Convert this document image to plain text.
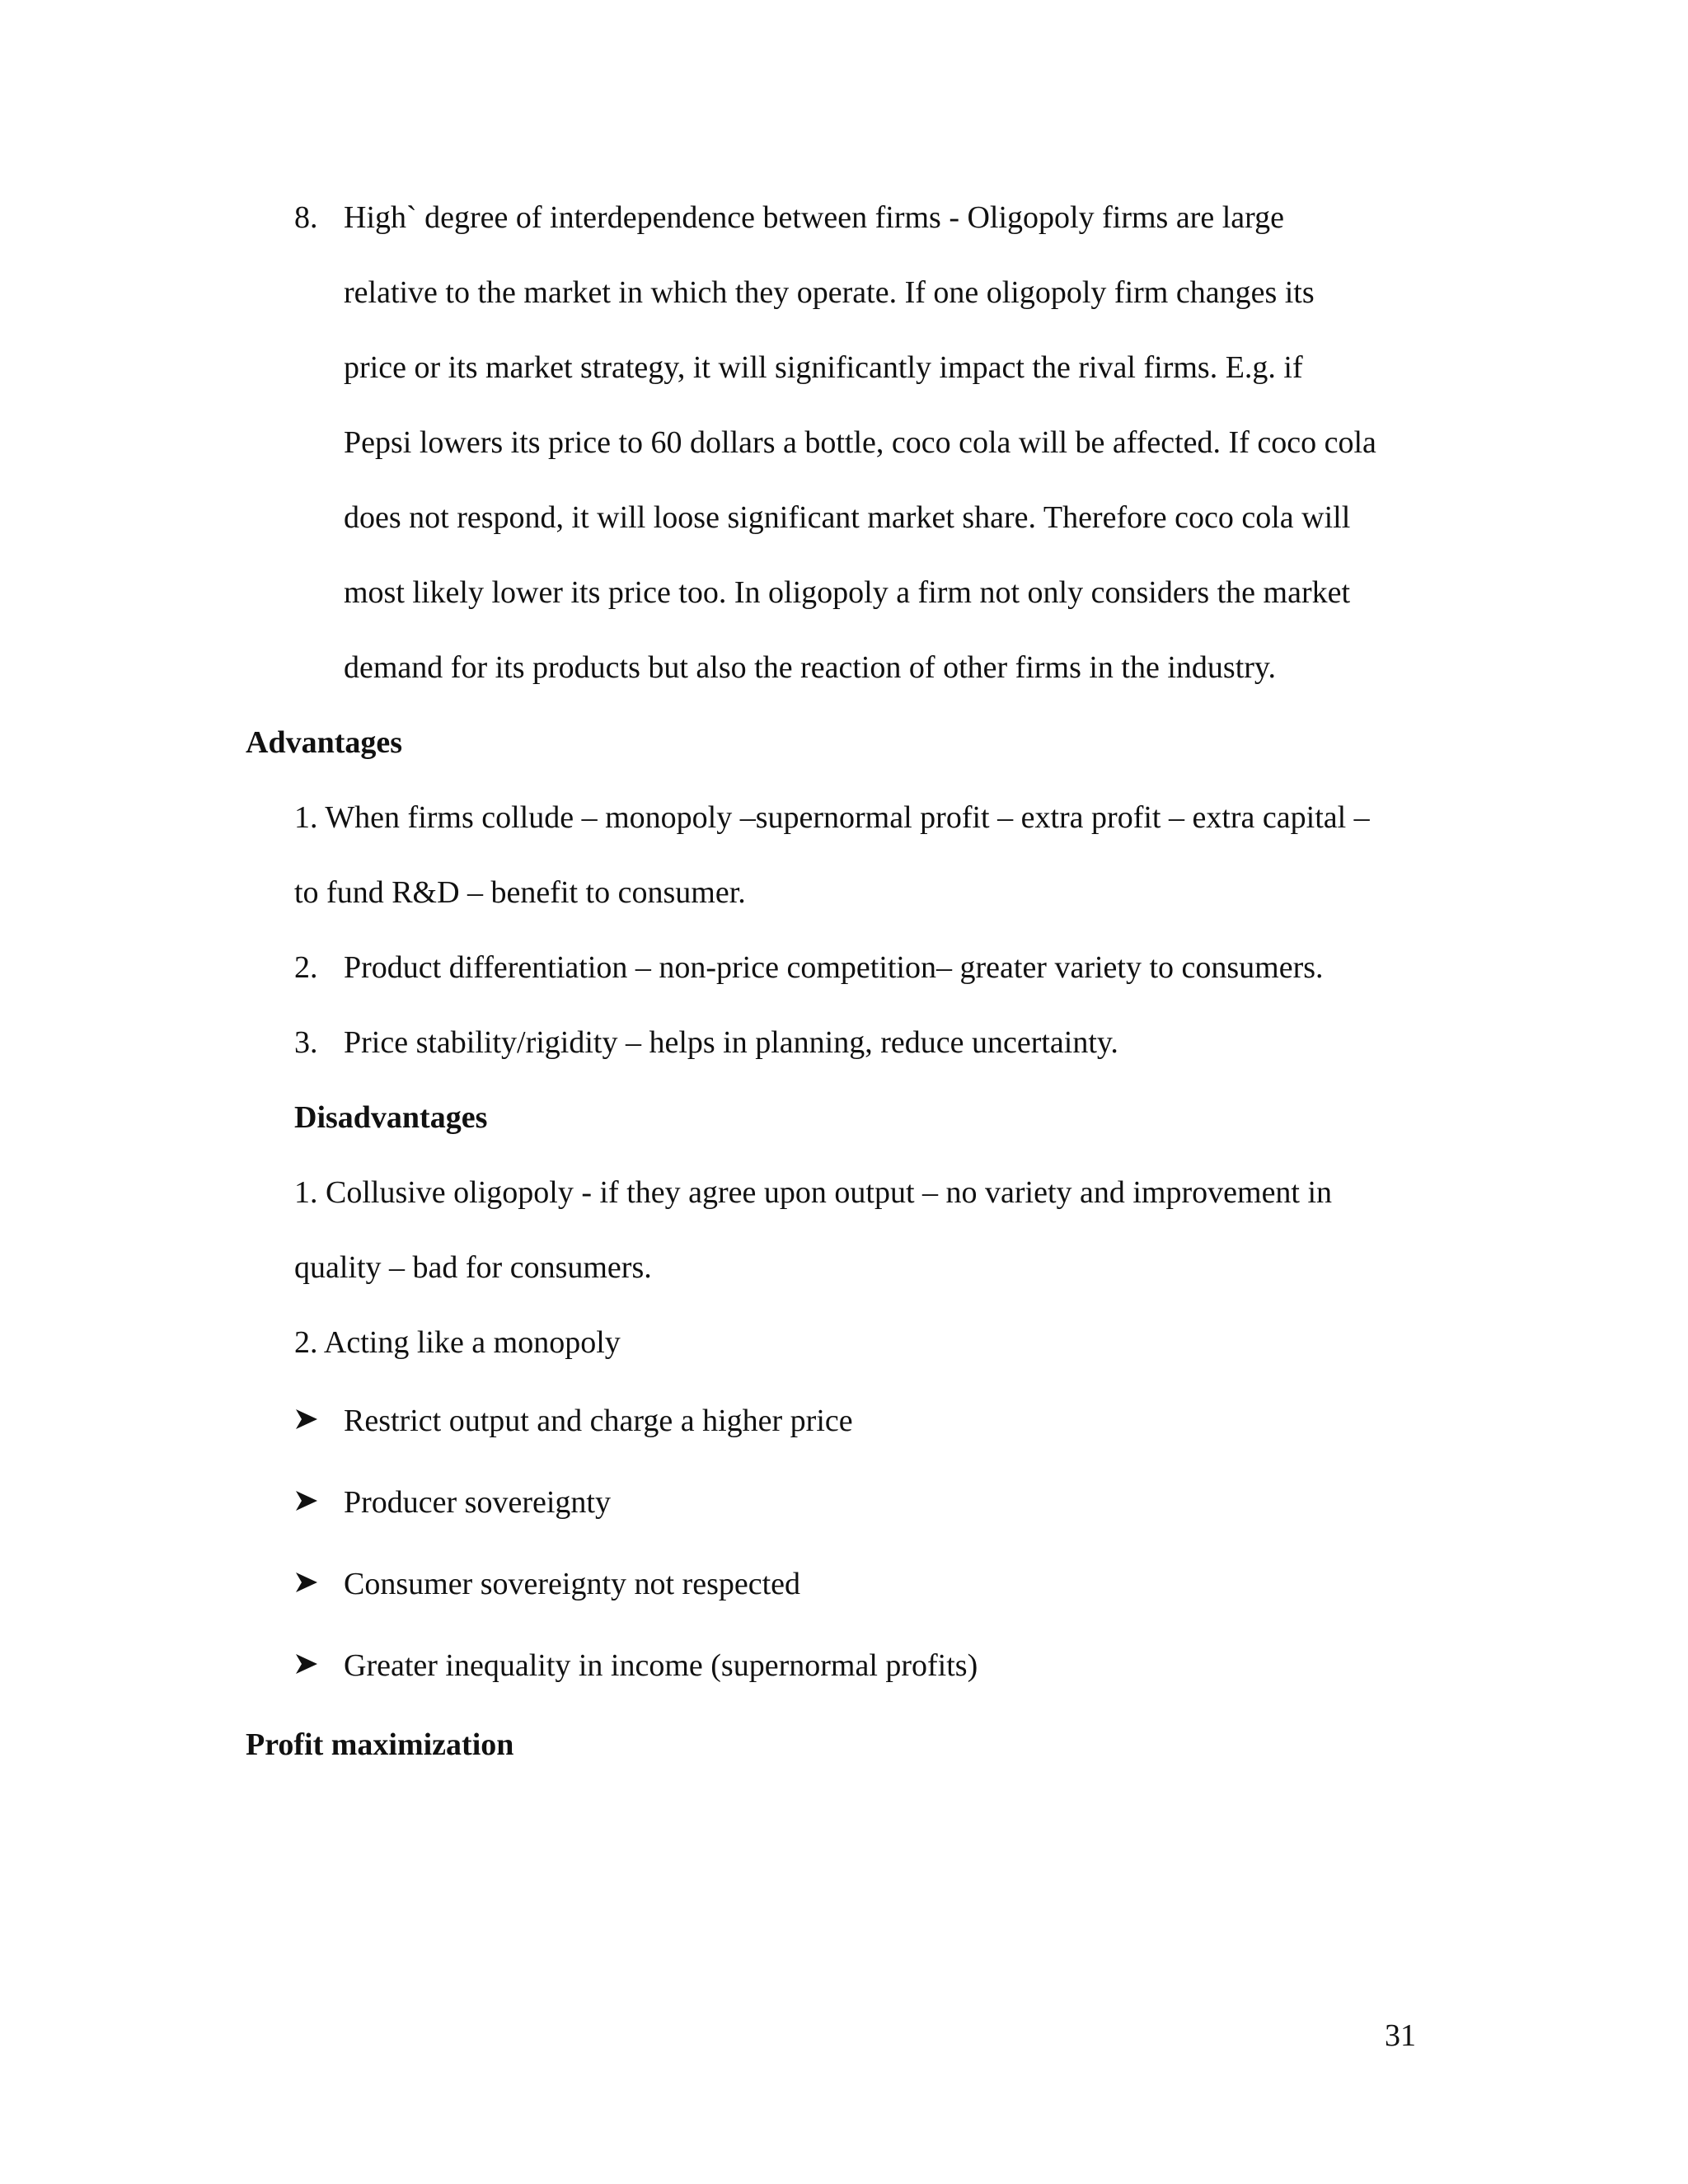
8. High` degree of interdependence between firms - Oligopoly firms are large
relative to the market in which they operate. If one oligopoly firm changes its
price or its market strategy, it will significantly impact the rival firms. E.g. if
Pepsi lowers its price to 60 dollars a bottle, coco cola will be affected. If coco cola
does not respond, it will loose significant market share. Therefore coco cola will
most likely lower its price too. In oligopoly a firm not only considers the market
demand for its products but also the reaction of other firms in the industry.
Advantages
1. When firms collude – monopoly –supernormal profit – extra profit – extra capital –
to fund R&D – benefit to consumer.
2. Product differentiation – non-price competition– greater variety to consumers.
3. Price stability/rigidity – helps in planning, reduce uncertainty.
Disadvantages
1. Collusive oligopoly - if they agree upon output – no variety and improvement in
quality – bad for consumers.
2. Acting like a monopoly
Restrict output and charge a higher price
Producer sovereignty
Consumer sovereignty not respected
Greater inequality in income (supernormal profits)
Profit maximization
31
